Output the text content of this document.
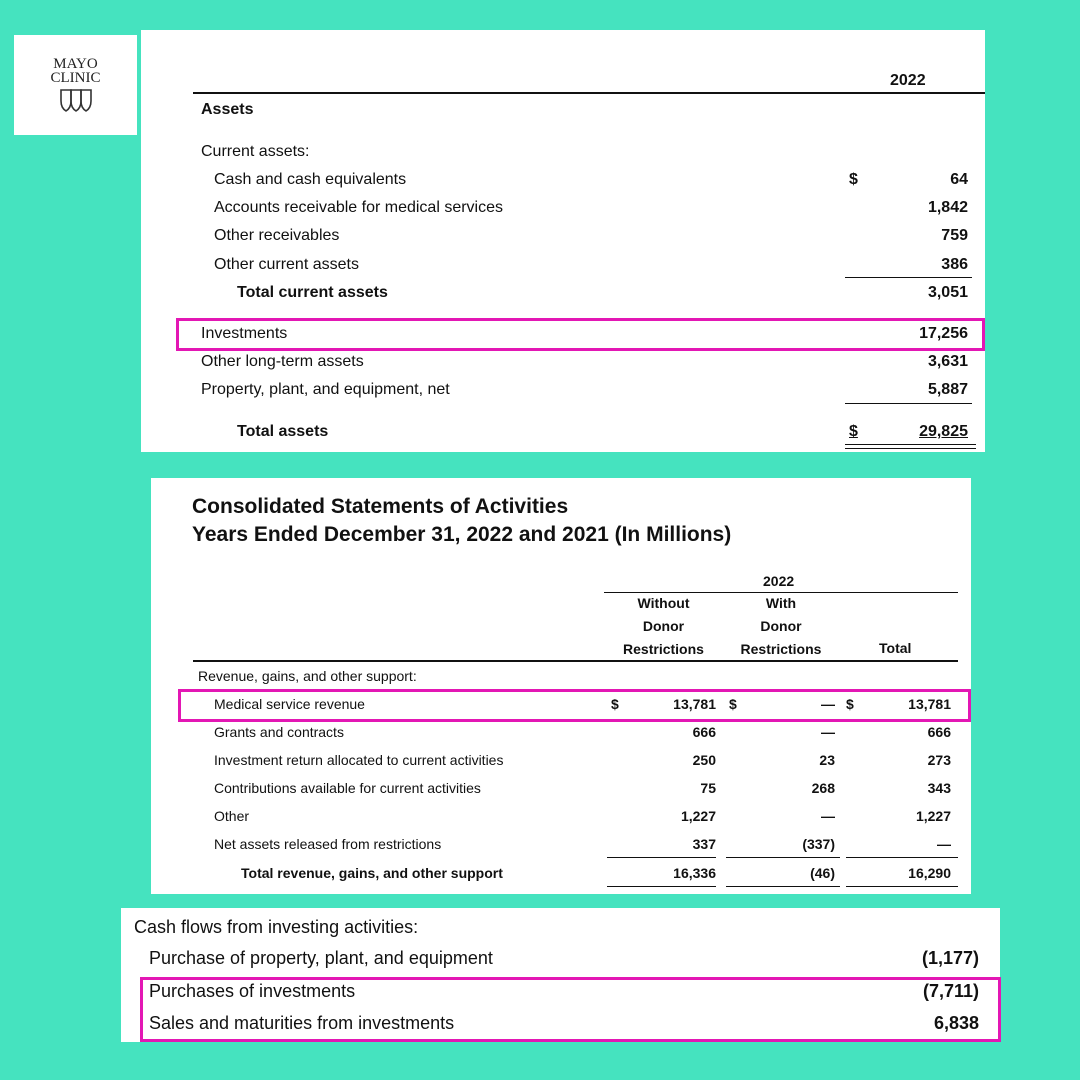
MAYO
CLINIC	2022
Assets
Current assets:
Cash and cash equivalents	$	64
Accounts receivable for medical services	1,842
Other receivables	759
Other current assets	386
Total current assets	3,051
Investments	17,256
Other long-term assets	3,631
Property, plant, and equipment, net	5,887
Total assets	$	29,825
Consolidated Statements of Activities
Years Ended December 31, 2022 and 2021 (In Millions)
2022
Without
Donor
Restrictions
With
Donor
Restrictions	Total
Revenue, gains, and other support:
Medical service revenue	$	13,781 $	— $	13,781
Grants and contracts	666	—	666
Investment return allocated to current activities	250	23	273
Contributions available for current activities	75	268	343
Other	1,227	—	1,227
Net assets released from restrictions	337	(337)	—
Total revenue, gains, and other support	16,336	(46)	16,290
Cash flows from investing activities:
Purchase of property, plant, and equipment	(1,177)
Purchases of investments	(7,711)
Sales and maturities from investments	6,838
